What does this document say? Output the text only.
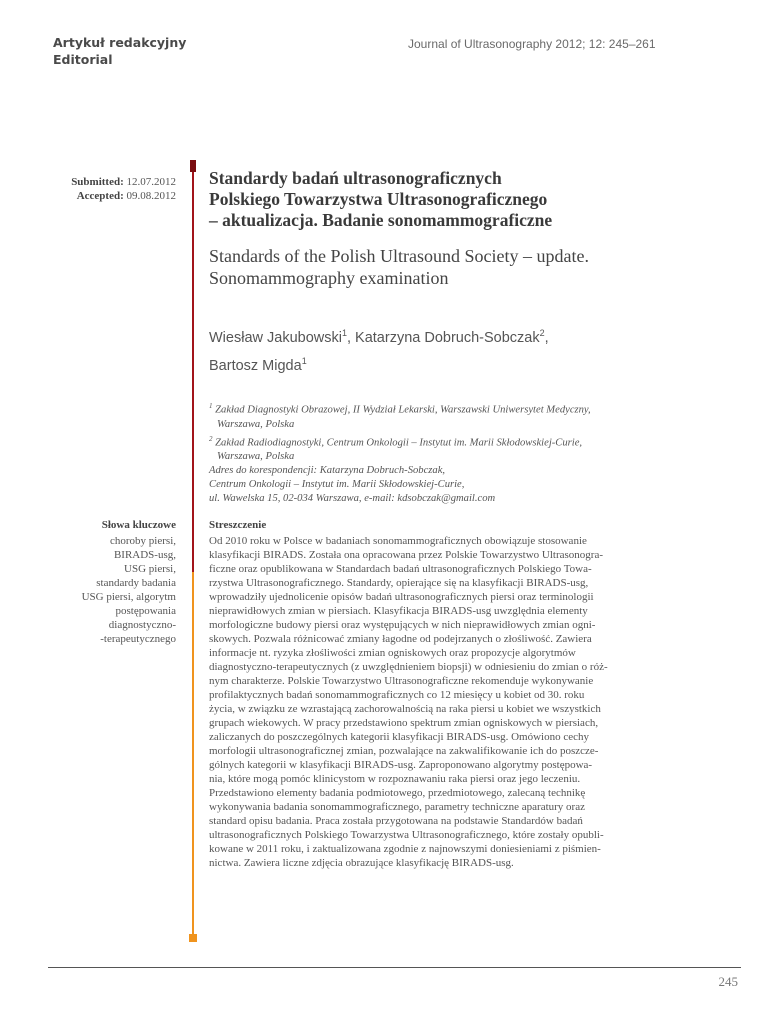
Artykuł redakcyjny
Editorial
Journal of Ultrasonography 2012; 12: 245–261
Submitted: 12.07.2012
Accepted: 09.08.2012
Standardy badań ultrasonograficznych
Polskiego Towarzystwa Ultrasonograficznego
– aktualizacja. Badanie sonomammograficzne
Standards of the Polish Ultrasound Society – update.
Sonomammography examination
Wiesław Jakubowski$^1$, Katarzyna Dobruch-Sobczak$^2$,
Bartosz Migda$^1$
$^1$ Zakład Diagnostyki Obrazowej, II Wydział Lekarski, Warszawski Uniwersytet Medyczny,
Warszawa, Polska
$^2$ Zakład Radiodiagnostyki, Centrum Onkologii – Instytut im. Marii Skłodowskiej-Curie,
Warszawa, Polska
Adres do korespondencji: Katarzyna Dobruch-Sobczak,
Centrum Onkologii – Instytut im. Marii Skłodowskiej-Curie,
ul. Wawelska 15, 02-034 Warszawa, e-mail: kdsobczak@gmail.com
Słowa kluczowe
choroby piersi,
BIRADS-usg,
USG piersi,
standardy badania
USG piersi, algorytm
postępowania
diagnostyczno-
-terapeutycznego
Streszczenie

Od 2010 roku w Polsce w badaniach sonomammograficznych obowiązuje stosowanie

klasyfikacji BIRADS. Została ona opracowana przez Polskie Towarzystwo Ultrasonogra-

ficzne oraz opublikowana w Standardach badań ultrasonograficznych Polskiego Towa-

rzystwa Ultrasonograficznego. Standardy, opierające się na klasyfikacji BIRADS-usg,

wprowadziły ujednolicenie opisów badań ultrasonograficznych piersi oraz terminologii

nieprawidłowych zmian w piersiach. Klasyfikacja BIRADS-usg uwzględnia elementy

morfologiczne budowy piersi oraz występujących w nich nieprawidłowych zmian ogni-

skowych. Pozwala różnicować zmiany łagodne od podejrzanych o złośliwość. Zawiera

informacje nt. ryzyka złośliwości zmian ogniskowych oraz propozycje algorytmów

diagnostyczno-terapeutycznych (z uwzględnieniem biopsji) w odniesieniu do zmian o róż-

nym charakterze. Polskie Towarzystwo Ultrasonograficzne rekomenduje wykonywanie

profilaktycznych badań sonomammograficznych co 12 miesięcy u kobiet od 30. roku

życia, w związku ze wzrastającą zachorowalnością na raka piersi u kobiet we wszystkich

grupach wiekowych. W pracy przedstawiono spektrum zmian ogniskowych w piersiach,

zaliczanych do poszczególnych kategorii klasyfikacji BIRADS-usg. Omówiono cechy

morfologii ultrasonograficznej zmian, pozwalające na zakwalifikowanie ich do poszcze-

gólnych kategorii w klasyfikacji BIRADS-usg. Zaproponowano algorytmy postępowa-

nia, które mogą pomóc klinicystom w rozpoznawaniu raka piersi oraz jego leczeniu.

Przedstawiono elementy badania podmiotowego, przedmiotowego, zalecaną technikę

wykonywania badania sonomammograficznego, parametry techniczne aparatury oraz

standard opisu badania. Praca została przygotowana na podstawie Standardów badań

ultrasonograficznych Polskiego Towarzystwa Ultrasonograficznego, które zostały opubli-

kowane w 2011 roku, i zaktualizowana zgodnie z najnowszymi doniesieniami z piśmien-

nictwa. Zawiera liczne zdjęcia obrazujące klasyfikację BIRADS-usg.

245
